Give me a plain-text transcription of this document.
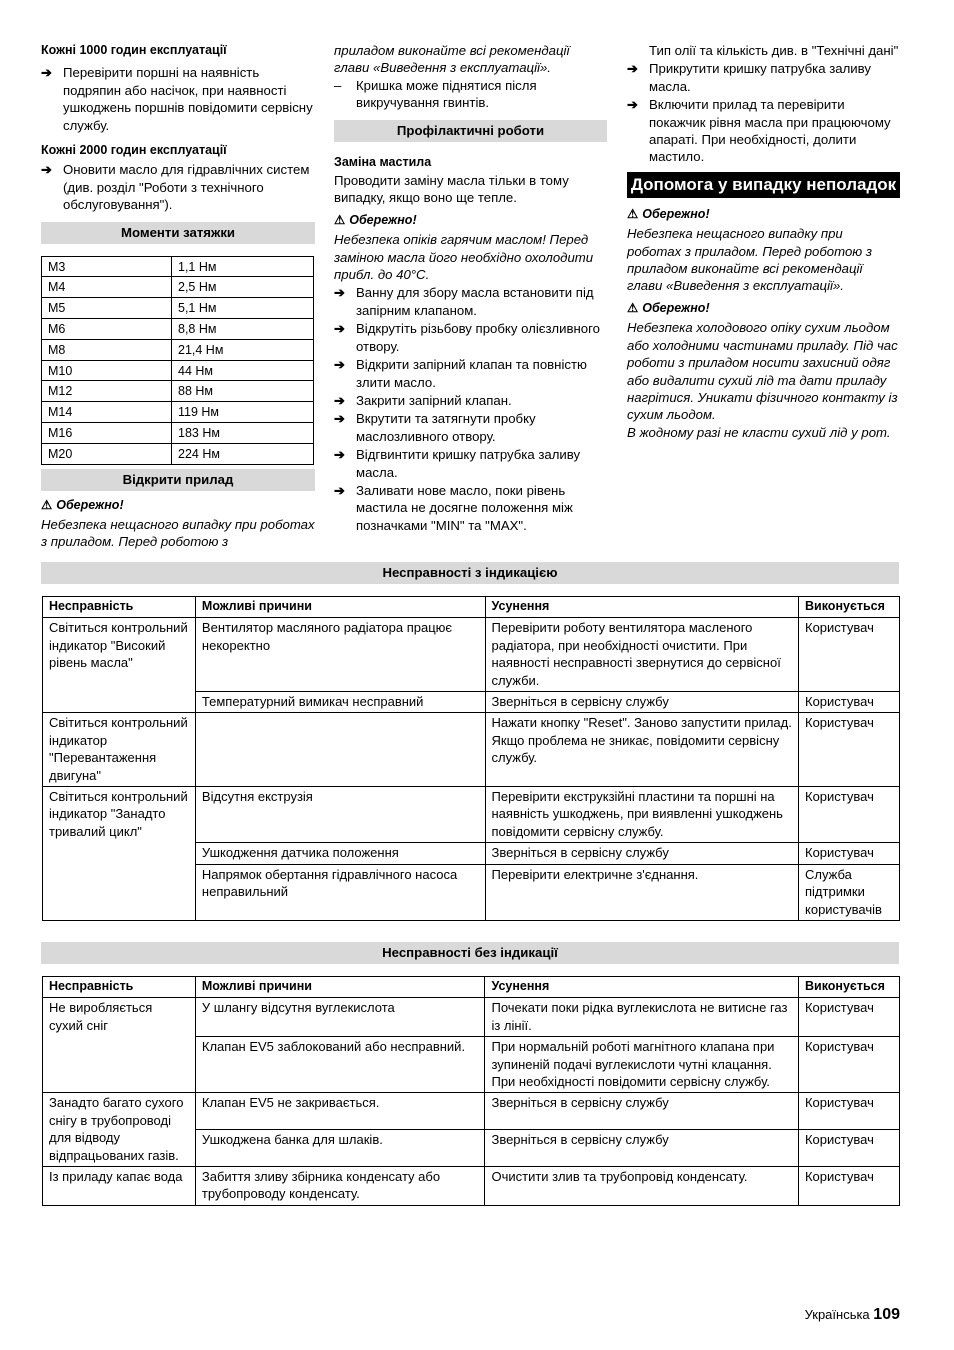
Кожні 1000 годин експлуатації
➔ Перевірити поршні на наявність подряпин або насічок, при наявності ушкоджень поршнів повідомити сервісну службу.
Кожні 2000 годин експлуатації
➔ Оновити масло для гідравлічних систем (див. розділ "Роботи з технічного обслуговування").
Моменти затяжки
M3	1,1 Нм
M4	2,5 Нм
M5	5,1 Нм
M6	8,8 Нм
M8	21,4 Нм
M10	44 Нм
M12	88 Нм
M14	119 Нм
M16	183 Нм
M20	224 Нм
Відкрити прилад
⚠ Обережно!
Небезпека нещасного випадку при роботах з приладом. Перед роботою з
приладом виконайте всі рекомендації глави «Виведення з експлуатації».
– Кришка може піднятися після викручування гвинтів.
Профілактичні роботи
Заміна мастила
Проводити заміну масла тільки в тому випадку, якщо воно ще тепле.
⚠ Обережно!
Небезпека опіків гарячим маслом! Перед заміною масла його необхідно охолодити прибл. до 40°C.
➔ Ванну для збору масла встановити під запірним клапаном.
➔ Відкрутіть різьбову пробку олієзливного отвору.
➔ Відкрити запірний клапан та повністю злити масло.
➔ Закрити запірний клапан.
➔ Вкрутити та затягнути пробку маслозливного отвору.
➔ Відгвинтити кришку патрубка заливу масла.
➔ Заливати нове масло, поки рівень мастила не досягне положення між позначками "MIN" та "MAX".
Тип олії та кількість див. в "Технічні дані"
➔ Прикрутити кришку патрубка заливу масла.
➔ Включити прилад та перевірити покажчик рівня масла при працюючому апараті. При необхідності, долити мастило.
Допомога у випадку неполадок
⚠ Обережно!
Небезпека нещасного випадку при роботах з приладом. Перед роботою з приладом виконайте всі рекомендації глави «Виведення з експлуатації».
⚠ Обережно!
Небезпека холодового опіку сухим льодом або холодними частинами приладу. Під час роботи з приладом носити захисний одяг або видалити сухий лід та дати приладу нагрітися. Уникати фізичного контакту із сухим льодом.
В жодному разі не класти сухий лід у рот.
Несправності з індикацією
Несправність	Можливі причини	Усунення	Виконується
Світиться контрольний індикатор "Високий рівень масла"	Вентилятор масляного радіатора працює некоректно	Перевірити роботу вентилятора масленого радіатора, при необхідності очистити. При наявності несправності звернутися до сервісної служби.	Користувач
	Температурний вимикач несправний	Зверніться в сервісну службу	Користувач
Світиться контрольний індикатор "Перевантаження двигуна"		Нажати кнопку "Reset". Заново запустити прилад. Якщо проблема не зникає, повідомити сервісну службу.	Користувач
Світиться контрольний індикатор "Занадто тривалий цикл"	Відсутня екструзія	Перевірити екструкзійні пластини та поршні на наявність ушкоджень, при виявленні ушкоджень повідомити сервісну службу.	Користувач
	Ушкодження датчика положення	Зверніться в сервісну службу	Користувач
	Напрямок обертання гідравлічного насоса неправильний	Перевірити електричне з'єднання.	Служба підтримки користувачів
Несправності без індикації
Несправність	Можливі причини	Усунення	Виконується
Не виробляється сухий сніг	У шлангу відсутня вуглекислота	Почекати поки рідка вуглекислота не витисне газ із лінії.	Користувач
	Клапан EV5 заблокований або несправний.	При нормальній роботі магнітного клапана при зупиненій подачі вуглекислоти чутні клацання. При необхідності повідомити сервісну службу.	Користувач
Занадто багато сухого снігу в трубопроводі для відводу відпрацьованих газів.	Клапан EV5 не закривається.	Зверніться в сервісну службу	Користувач
	Ушкоджена банка для шлаків.	Зверніться в сервісну службу	Користувач
Із приладу капає вода	Забиття зливу збірника конденсату або трубопроводу конденсату.	Очистити злив та трубопровід конденсату.	Користувач
Українська 109
